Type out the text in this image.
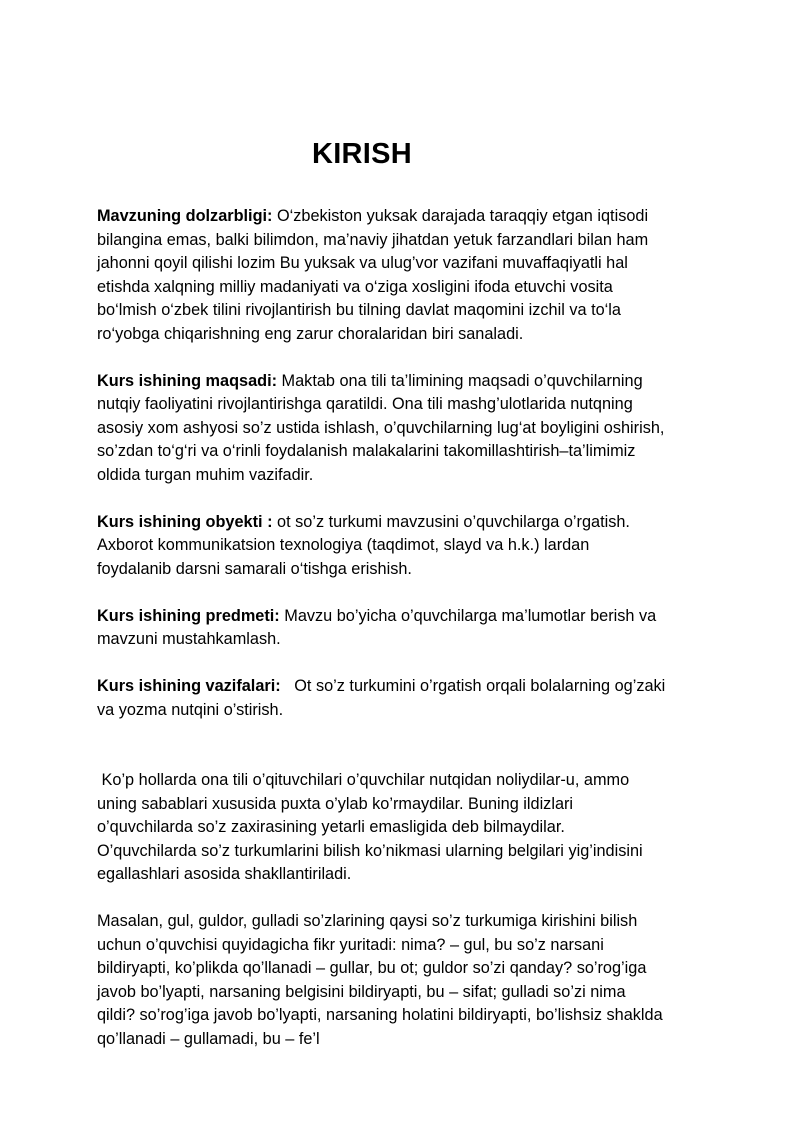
KIRISH

Mavzuning dolzarbligi: O‘zbekiston yuksak darajada taraqqiy etgan iqtisodi
bilangina emas, balki bilimdon, ma’naviy jihatdan yetuk farzandlari bilan ham
jahonni qoyil qilishi lozim Bu yuksak va ulug’vor vazifani muvaffaqiyatli hal
etishda xalqning milliy madaniyati va o‘ziga xosligini ifoda etuvchi vosita
bo‘lmish o‘zbek tilini rivojlantirish bu tilning davlat maqomini izchil va to‘la
ro‘yobga chiqarishning eng zarur choralaridan biri sanaladi.

Kurs ishining maqsadi: Maktab ona tili ta’limining maqsadi o’quvchilarning
nutqiy faoliyatini rivojlantirishga qaratildi. Ona tili mashg’ulotlarida nutqning
asosiy xom ashyosi so’z ustida ishlash, o’quvchilarning lug‘at boyligini oshirish,
so’zdan to‘g‘ri va o‘rinli foydalanish malakalarini takomillashtirish–ta’limimiz
oldida turgan muhim vazifadir.

Kurs ishining obyekti : ot so’z turkumi mavzusini o’quvchilarga o’rgatish.
Axborot kommunikatsion texnologiya (taqdimot, slayd va h.k.) lardan
foydalanib darsni samarali o‘tishga erishish.

Kurs ishining predmeti: Mavzu bo’yicha o’quvchilarga ma’lumotlar berish va
mavzuni mustahkamlash.

Kurs ishining vazifalari:   Ot so’z turkumini o’rgatish orqali bolalarning og’zaki
va yozma nutqini o’stirish.

Ko’p hollarda ona tili o’qituvchilari o’quvchilar nutqidan noliydilar-u, ammo
uning sabablari xususida puxta o’ylab ko’rmaydilar. Buning ildizlari
o’quvchilarda so’z zaxirasining yetarli emasligida deb bilmaydilar.
O’quvchilarda so’z turkumlarini bilish ko’nikmasi ularning belgilari yig’indisini
egallashlari asosida shakllantiriladi.

Masalan, gul, guldor, gulladi so’zlarining qaysi so’z turkumiga kirishini bilish
uchun o’quvchisi quyidagicha fikr yuritadi: nima? – gul, bu so’z narsani
bildiryapti, ko’plikda qo’llanadi – gullar, bu ot; guldor so’zi qanday? so’rog’iga
javob bo’lyapti, narsaning belgisini bildiryapti, bu – sifat; gulladi so’zi nima
qildi? so’rog’iga javob bo’lyapti, narsaning holatini bildiryapti, bo’lishsiz shaklda
qo’llanadi – gullamadi, bu – fe’l
